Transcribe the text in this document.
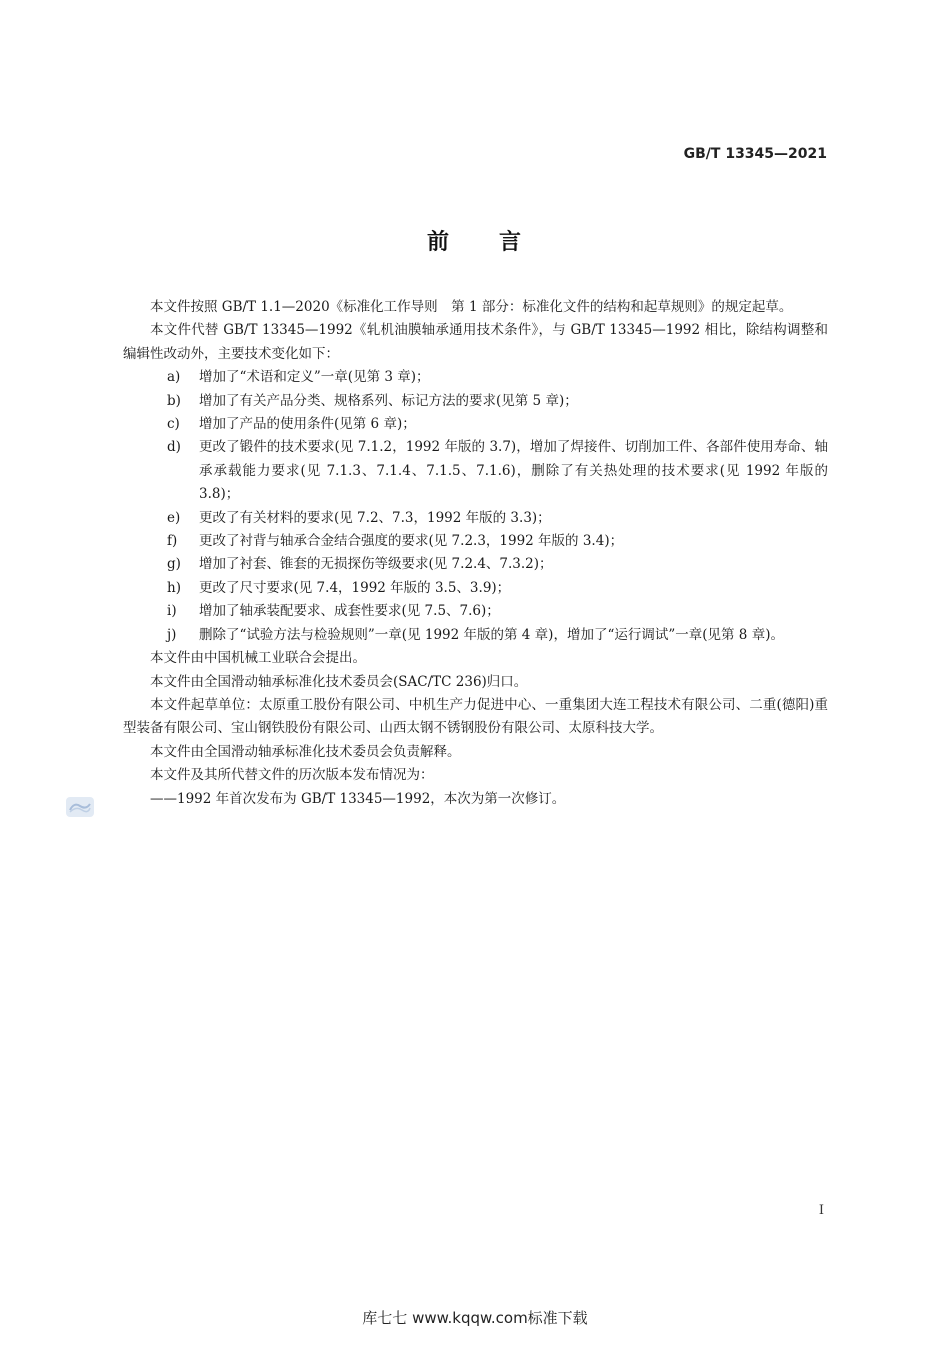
GB/T 13345—2021
前 言

本文件按照 GB/T 1.1—2020《标准化工作导则　第 1 部分：标准化文件的结构和起草规则》的规定起草。

本文件代替 GB/T 13345—1992《轧机油膜轴承通用技术条件》，与 GB/T 13345—1992 相比，除结构调整和编辑性改动外，主要技术变化如下：

a)	增加了“术语和定义”一章(见第 3 章)；
b)	增加了有关产品分类、规格系列、标记方法的要求(见第 5 章)；
c)	增加了产品的使用条件(见第 6 章)；
d)	更改了锻件的技术要求(见 7.1.2，1992 年版的 3.7)，增加了焊接件、切削加工件、各部件使用寿命、轴承承载能力要求(见 7.1.3、7.1.4、7.1.5、7.1.6)，删除了有关热处理的技术要求(见 1992 年版的 3.8)；
e)	更改了有关材料的要求(见 7.2、7.3，1992 年版的 3.3)；
f)	更改了衬背与轴承合金结合强度的要求(见 7.2.3，1992 年版的 3.4)；
g)	增加了衬套、锥套的无损探伤等级要求(见 7.2.4、7.3.2)；
h)	更改了尺寸要求(见 7.4，1992 年版的 3.5、3.9)；
i)	增加了轴承装配要求、成套性要求(见 7.5、7.6)；
j)	删除了“试验方法与检验规则”一章(见 1992 年版的第 4 章)，增加了“运行调试”一章(见第 8 章)。

本文件由中国机械工业联合会提出。

本文件由全国滑动轴承标准化技术委员会(SAC/TC 236)归口。

本文件起草单位：太原重工股份有限公司、中机生产力促进中心、一重集团大连工程技术有限公司、二重(德阳)重型装备有限公司、宝山钢铁股份有限公司、山西太钢不锈钢股份有限公司、太原科技大学。

本文件由全国滑动轴承标准化技术委员会负责解释。

本文件及其所代替文件的历次版本发布情况为：

——1992 年首次发布为 GB/T 13345—1992，本次为第一次修订。

I
库七七 www.kqqw.com标准下载
